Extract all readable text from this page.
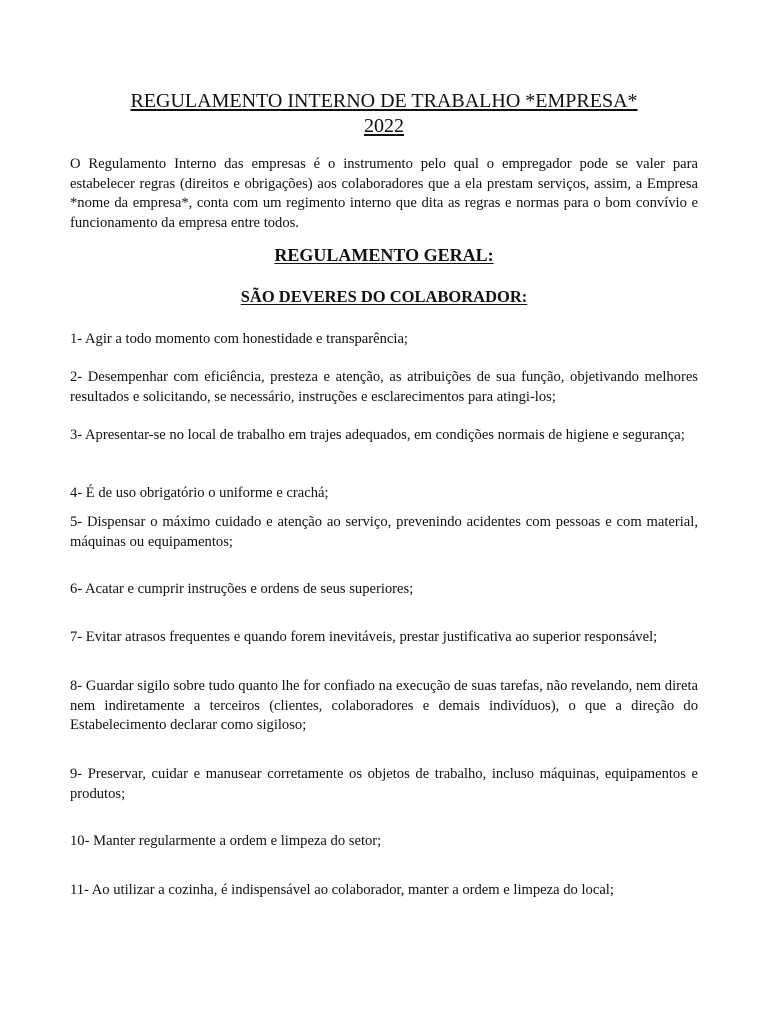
REGULAMENTO INTERNO DE TRABALHO *EMPRESA*
2022

O Regulamento Interno das empresas é o instrumento pelo qual o empregador pode se valer para estabelecer regras (direitos e obrigações) aos colaboradores que a ela prestam serviços, assim, a Empresa *nome da empresa*, conta com um regimento interno que dita as regras e normas para o bom convívio e funcionamento da empresa entre todos.

REGULAMENTO GERAL:
SÃO DEVERES DO COLABORADOR:

1- Agir a todo momento com honestidade e transparência;

2- Desempenhar com eficiência, presteza e atenção, as atribuições de sua função, objetivando melhores resultados e solicitando, se necessário, instruções e esclarecimentos para atingi-los;

3- Apresentar-se no local de trabalho em trajes adequados, em condições normais de higiene e segurança;

4- É de uso obrigatório o uniforme e crachá;

5- Dispensar o máximo cuidado e atenção ao serviço, prevenindo acidentes com pessoas e com material, máquinas ou equipamentos;

6- Acatar e cumprir instruções e ordens de seus superiores;

7- Evitar atrasos frequentes e quando forem inevitáveis, prestar justificativa ao superior responsável;

8- Guardar sigilo sobre tudo quanto lhe for confiado na execução de suas tarefas, não revelando, nem direta nem indiretamente a terceiros (clientes, colaboradores e demais indivíduos), o que a direção do Estabelecimento declarar como sigiloso;

9- Preservar, cuidar e manusear corretamente os objetos de trabalho, incluso máquinas, equipamentos e produtos;

10- Manter regularmente a ordem e limpeza do setor;

11- Ao utilizar a cozinha, é indispensável ao colaborador, manter a ordem e limpeza do local;
